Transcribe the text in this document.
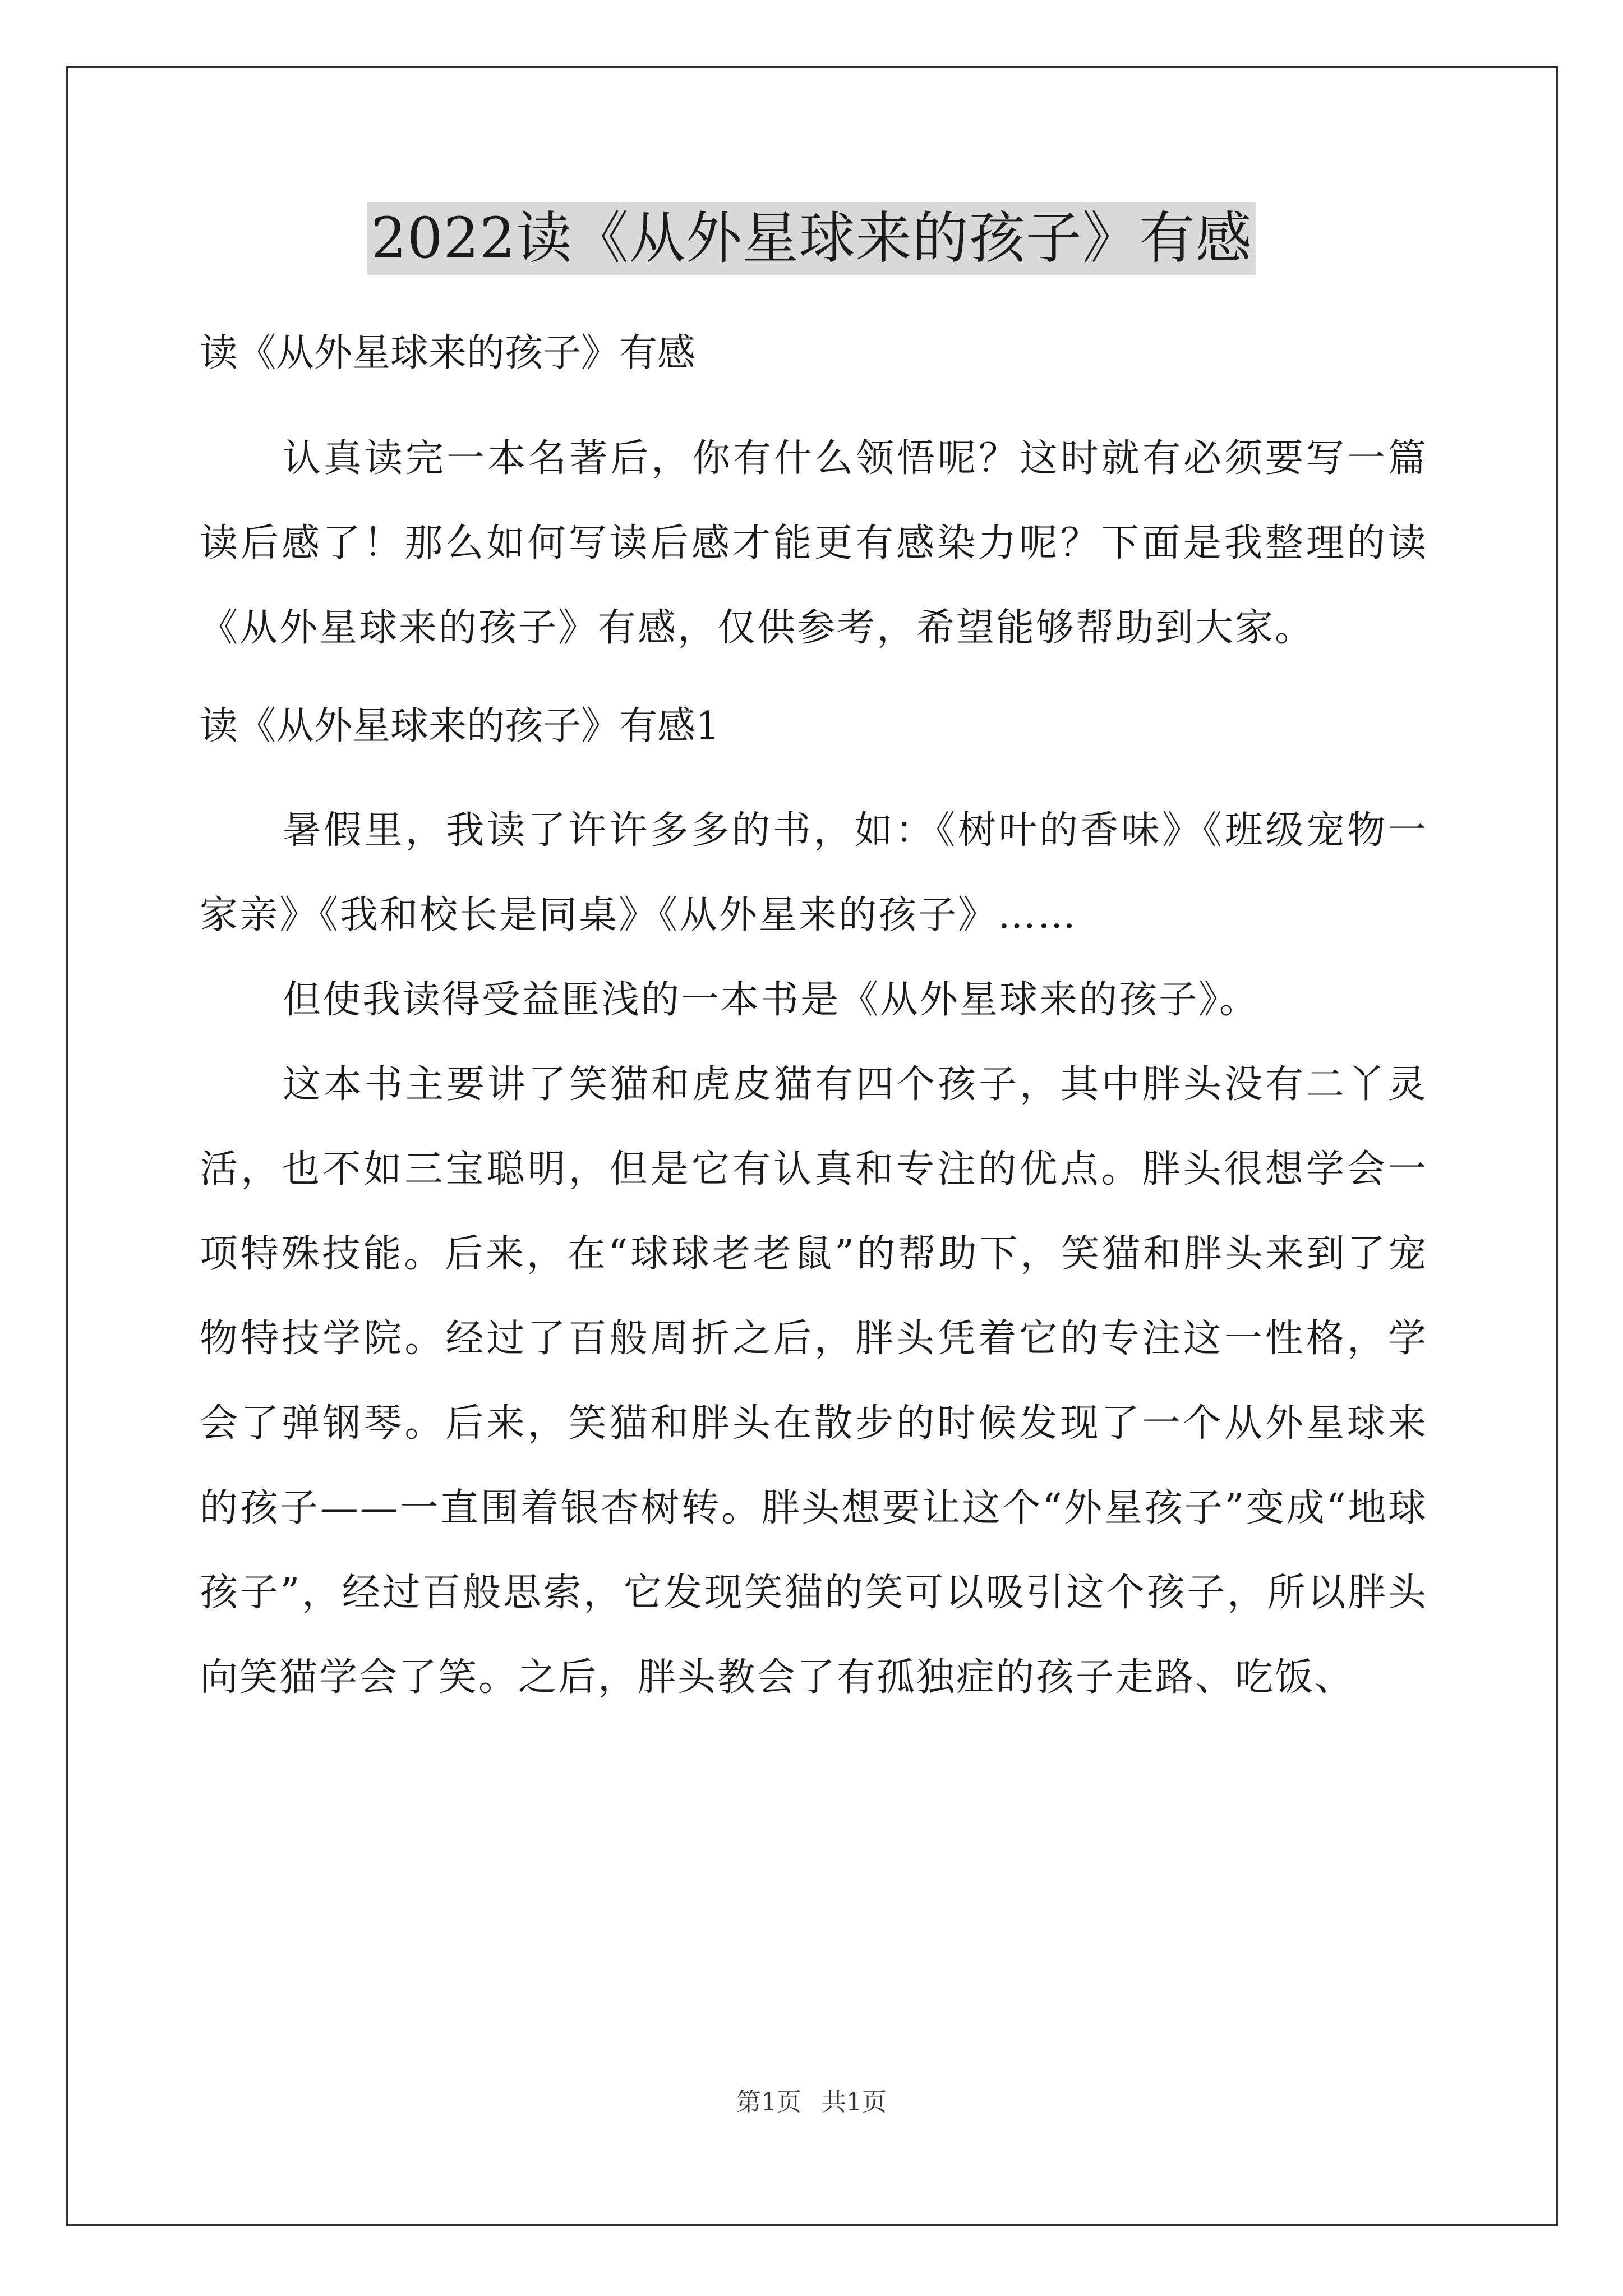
2022读《从外星球来的孩子》有感
读《从外星球来的孩子》有感
认真读完一本名著后，你有什么领悟呢？这时就有必须要写一篇读后感了！那么如何写读后感才能更有感染力呢？下面是我整理的读《从外星球来的孩子》有感，仅供参考，希望能够帮助到大家。
读《从外星球来的孩子》有感1
暑假里，我读了许许多多的书，如：《树叶的香味》《班级宠物一家亲》《我和校长是同桌》《从外星来的孩子》……
但使我读得受益匪浅的一本书是《从外星球来的孩子》。
这本书主要讲了笑猫和虎皮猫有四个孩子，其中胖头没有二丫灵活，也不如三宝聪明，但是它有认真和专注的优点。胖头很想学会一项特殊技能。后来，在“球球老老鼠”的帮助下，笑猫和胖头来到了宠物特技学院。经过了百般周折之后，胖头凭着它的专注这一性格，学会了弹钢琴。后来，笑猫和胖头在散步的时候发现了一个从外星球来的孩子——一直围着银杏树转。胖头想要让这个“外星孩子”变成“地球孩子”，经过百般思索，它发现笑猫的笑可以吸引这个孩子，所以胖头向笑猫学会了笑。之后，胖头教会了有孤独症的孩子走路、吃饭、
第1页 共1页
